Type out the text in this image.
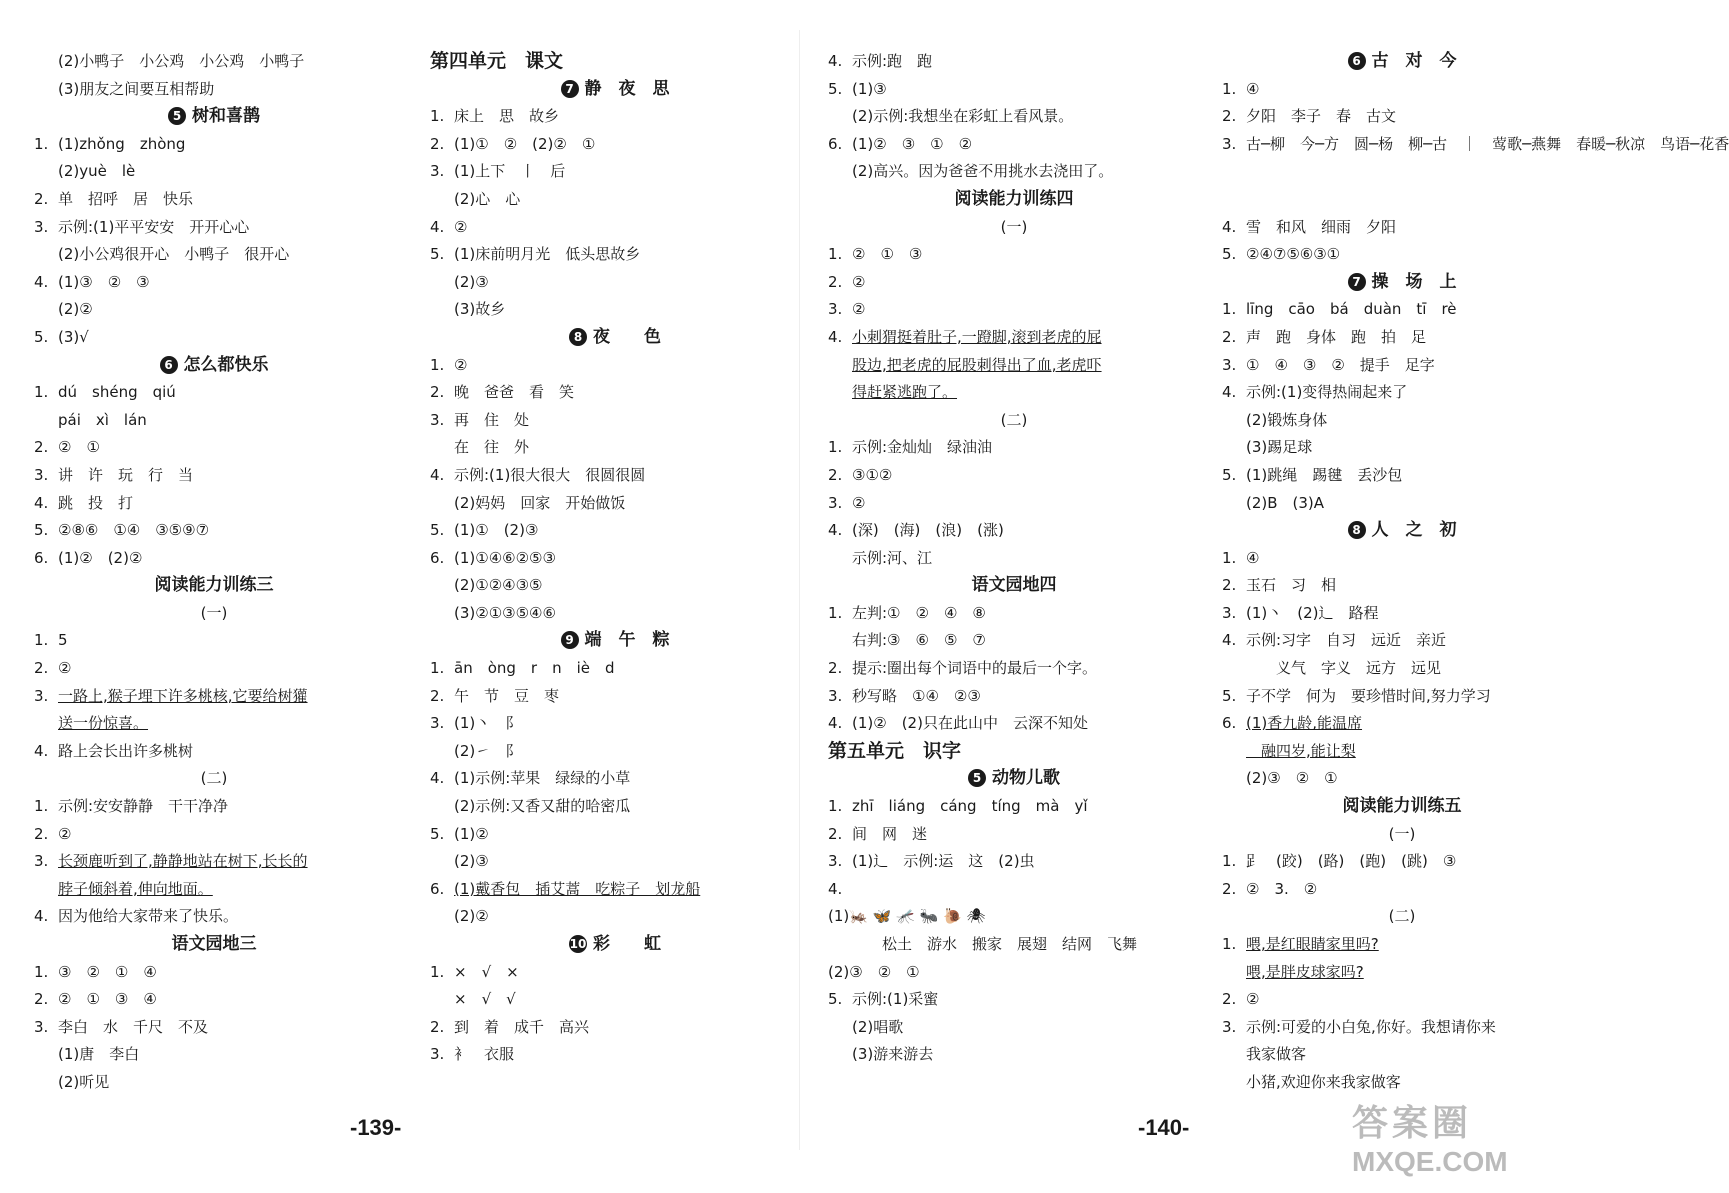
(2)小鸭子　小公鸡　小公鸡　小鸭子
(3)朋友之间要互相帮助
5 树和喜鹊
1. (1)zhǒng　zhòng
(2)yuè　lè
2. 单　招呼　居　快乐
3. 示例:(1)平平安安　开开心心
(2)小公鸡很开心　小鸭子　很开心
4. (1)③　②　③
(2)②
5. (3)√
6 怎么都快乐
1. dú　shéng　qiú
pái　xì　lán
2. ②　①
3. 讲　许　玩　行　当
4. 跳　投　打
5. ②⑧⑥　①④　③⑤⑨⑦
6. (1)②　(2)②
阅读能力训练三
(一)
1. 5
2. ②
3. 一路上,猴子埋下许多桃核,它要给树獾
送一份惊喜。
4. 路上会长出许多桃树
(二)
1. 示例:安安静静　干干净净
2. ②
3. 长颈鹿听到了,静静地站在树下,长长的
脖子倾斜着,伸向地面。
4. 因为他给大家带来了快乐。
语文园地三
1. ③　②　①　④
2. ②　①　③　④
3. 李白　水　千尺　不及
(1)唐　李白
(2)听见
第四单元　课文
7 静　夜　思
1. 床上　思　故乡
2. (1)①　②　(2)②　①
3. (1)上下　丨　后
(2)心　心
4. ②
5. (1)床前明月光　低头思故乡
(2)③
(3)故乡
8 夜　　色
1. ②
2. 晚　爸爸　看　笑
3. 再　住　处
在　往　外
4. 示例:(1)很大很大　很圆很圆
(2)妈妈　回家　开始做饭
5. (1)①　(2)③
6. (1)①④⑥②⑤③
(2)①②④③⑤
(3)②①③⑤④⑥
9 端　午　粽
1. ān　òng　r　n　iè　d
2. 午　节　豆　枣
3. (1)丶　阝
(2)㇀　阝
4. (1)示例:苹果　绿绿的小草
(2)示例:又香又甜的哈密瓜
5. (1)②
(2)③
6. (1)戴香包　插艾蒿　吃粽子　划龙船
(2)②
10 彩　　虹
1. ×　√　×
×　√　√
2. 到　着　成千　高兴
3. 衤　衣服
-139-
4. 示例:跑　跑
5. (1)③
(2)示例:我想坐在彩虹上看风景。
6. (1)②　③　①　②
(2)高兴。因为爸爸不用挑水去浇田了。
阅读能力训练四
(一)
1. ②　①　③
2. ②
3. ②
4. 小刺猬挺着肚子,一蹬脚,滚到老虎的屁
股边,把老虎的屁股刺得出了血,老虎吓
得赶紧逃跑了。
(二)
1. 示例:金灿灿　绿油油
2. ③①②
3. ②
4. (深)　(海)　(浪)　(涨)
示例:河、江
语文园地四
1. 左判:①　②　④　⑧
右判:③　⑥　⑤　⑦
2. 提示:圈出每个词语中的最后一个字。
3. 秒写略　①④　②③
4. (1)②　(2)只在此山中　云深不知处
第五单元　识字
5 动物儿歌
1. zhī　liáng　cáng　tíng　mà　yǐ
2. 间　网　迷
3. (1)辶　示例:运　这　(2)虫
4.
(1)🦗 🦋 🦟 🐜 🐌 🕷
　　松土　游水　搬家　展翅　结网　飞舞
(2)③　②　①
5. 示例:(1)采蜜
(2)唱歌
(3)游来游去
6 古　对　今
1. ④
2. 夕阳　李子　春　古文
3. 古─柳　今─方　圆─杨　柳─古　｜　莺歌─燕舞　春暖─秋凉　鸟语─花香
4. 雪　和风　细雨　夕阳
5. ②④⑦⑤⑥③①
7 操　场　上
1. līng　cāo　bá　duàn　tī　rè
2. 声　跑　身体　跑　拍　足
3. ①　④　③　②　提手　足字
4. 示例:(1)变得热闹起来了
(2)锻炼身体
(3)踢足球
5. (1)跳绳　踢毽　丢沙包
(2)B　(3)A
8 人　之　初
1. ④
2. 玉石　习　相
3. (1)丶　(2)辶　路程
4. 示例:习字　自习　远近　亲近
　　义气　字义　远方　远见
5. 子不学　何为　要珍惜时间,努力学习
6. (1)香九龄,能温席
　融四岁,能让梨
(2)③　②　①
阅读能力训练五
(一)
1. 𧾷　(跤)　(路)　(跑)　(跳)　③
2. ②　3.　②
(二)
1. 喂,是红眼睛家里吗?
喂,是胖皮球家吗?
2. ②
3. 示例:可爱的小白兔,你好。我想请你来
我家做客
小猪,欢迎你来我家做客
-140-	答案圈
MXQE.COM
